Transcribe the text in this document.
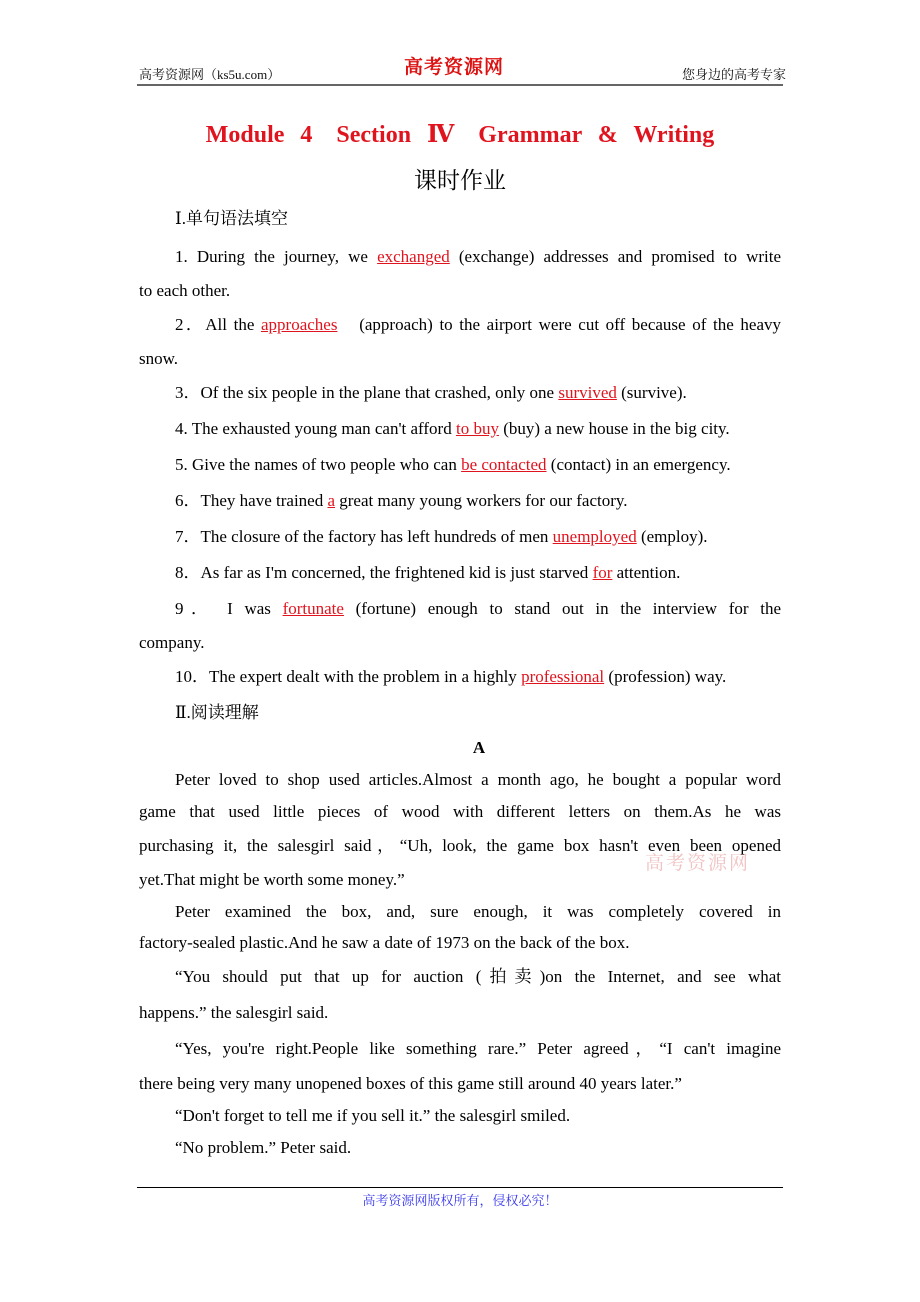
高考资源网（ks5u.com）	高考资源网	您身边的高考专家
Module 4　Section Ⅳ　Grammar & Writing
课时作业
Ⅰ.单句语法填空
1. During the journey, we exchanged (exchange) addresses and promised to write
to each other.
2．All the approaches　(approach) to the airport were cut off because of the heavy
snow.
3．Of the six people in the plane that crashed, only one survived (survive).
4. The exhausted young man can't afford to buy (buy) a new house in the big city.
5. Give the names of two people who can be contacted (contact) in an emergency.
6．They have trained a great many young workers for our factory.
7．The closure of the factory has left hundreds of men unemployed (employ).
8．As far as I'm concerned, the frightened kid is just starved for attention.
9． I was fortunate (fortune) enough to stand out in the interview for the
company.
10．The expert dealt with the problem in a highly professional (profession) way.
Ⅱ.阅读理解
A
Peter loved to shop used articles.Almost a month ago, he bought a popular word
game that used little pieces of wood with different letters on them.As he was
purchasing it, the salesgirl said，“Uh, look, the game box hasn't even been opened
yet.That might be worth some money.”
Peter examined the box, and, sure enough, it was completely covered in
factory-sealed plastic.And he saw a date of 1973 on the back of the box.
“You should put that up for auction (拍卖)on the Internet, and see what
happens.” the salesgirl said.
“Yes, you're right.People like something rare.” Peter agreed，“I can't imagine
there being very many unopened boxes of this game still around 40 years later.”
“Don't forget to tell me if you sell it.” the salesgirl smiled.
“No problem.” Peter said.
高考资源网
高考资源网版权所有，侵权必究！
